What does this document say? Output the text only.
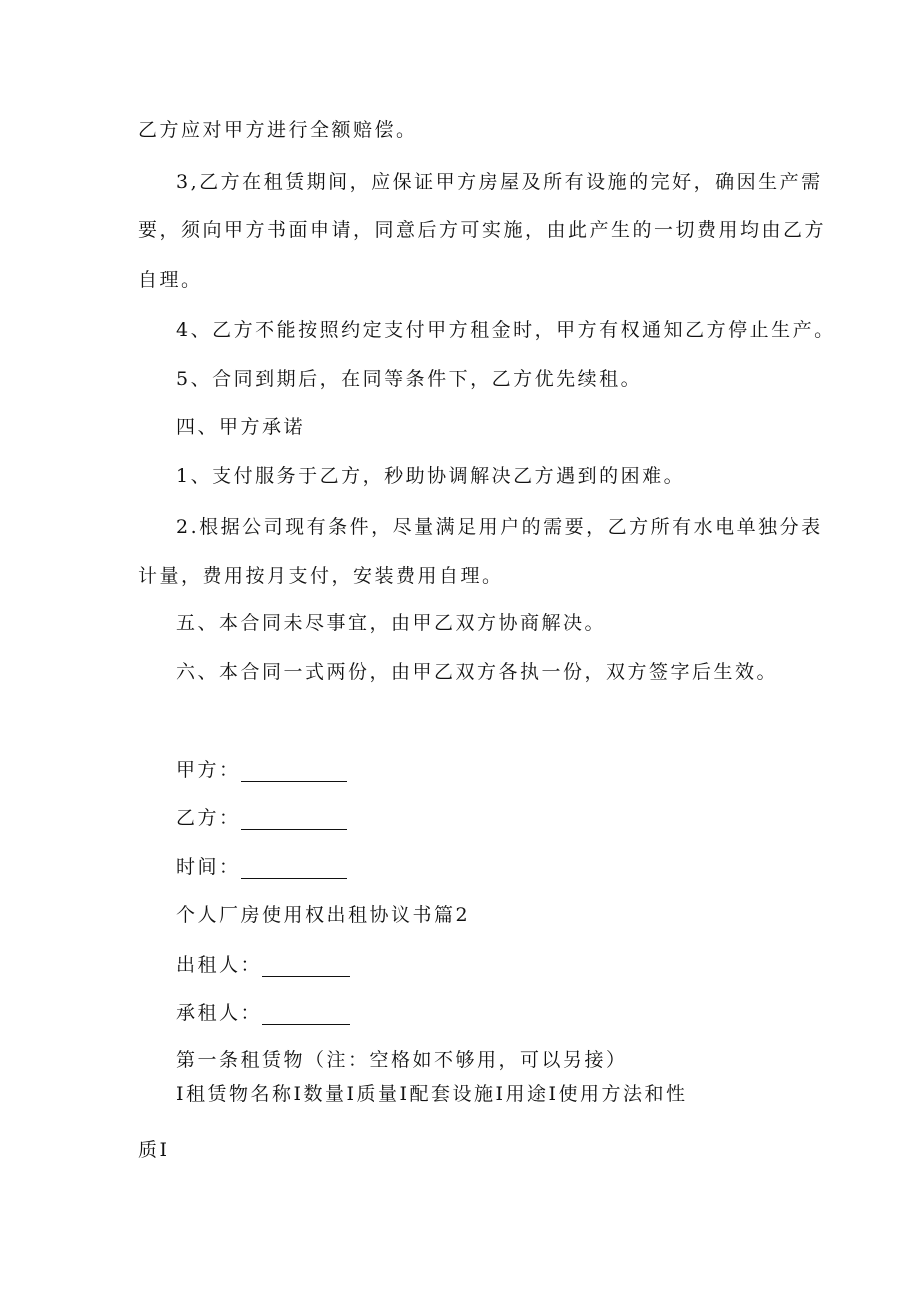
乙方应对甲方进行全额赔偿。
3,乙方在租赁期间，应保证甲方房屋及所有设施的完好，确因生产需
要，须向甲方书面申请，同意后方可实施，由此产生的一切费用均由乙方
自理。
4、乙方不能按照约定支付甲方租金时，甲方有权通知乙方停止生产。
5、合同到期后，在同等条件下，乙方优先续租。
四、甲方承诺
1、支付服务于乙方，秒助协调解决乙方遇到的困难。
2.根据公司现有条件，尽量满足用户的需要，乙方所有水电单独分表
计量，费用按月支付，安装费用自理。
五、本合同未尽事宜，由甲乙双方协商解决。
六、本合同一式两份，由甲乙双方各执一份，双方签字后生效。
甲方：
乙方：
时间：
个人厂房使用权出租协议书篇2
出租人：
承租人：
第一条租赁物（注：空格如不够用，可以另接）
I租赁物名称I数量I质量I配套设施I用途I使用方法和性
质I
